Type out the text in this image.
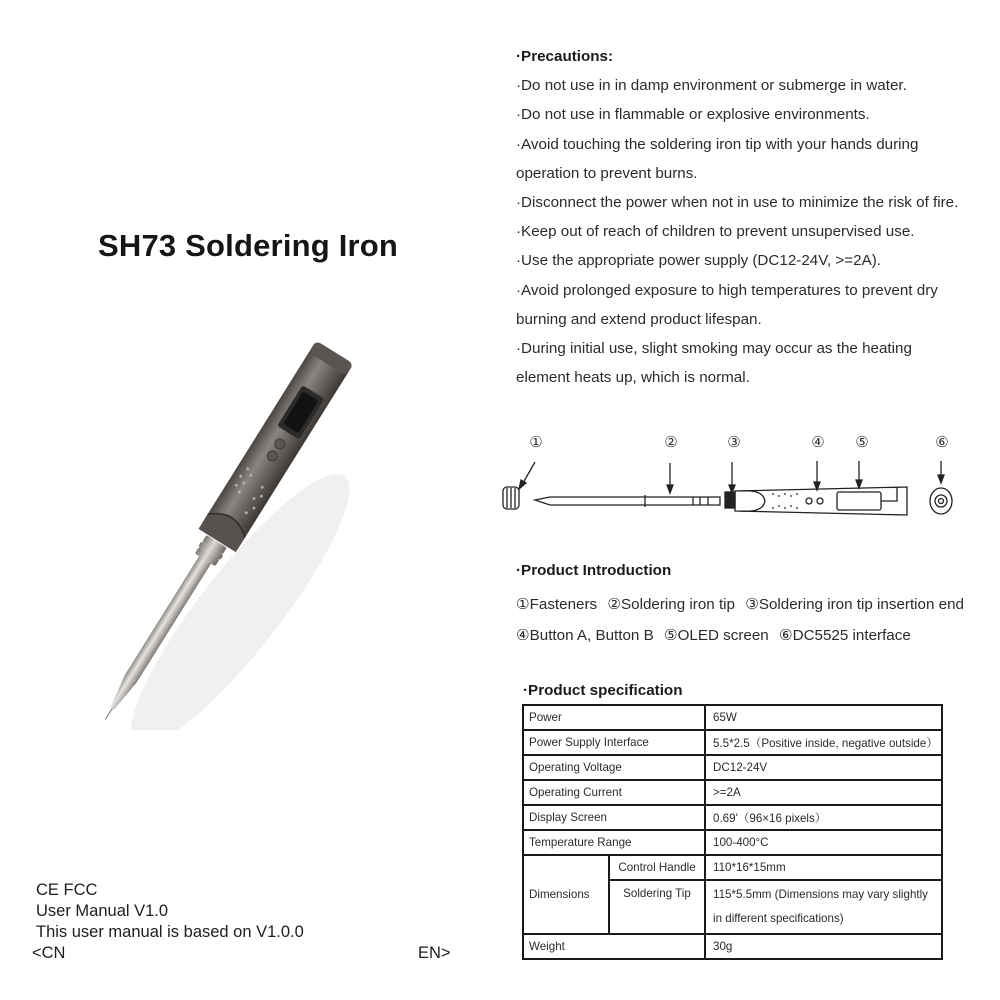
SH73 Soldering Iron
·Precautions:
·Do not use in in damp environment or submerge in water.
·Do not use in flammable or explosive environments.
·Avoid touching the soldering iron tip with your hands during operation to prevent burns.
·Disconnect the power when not in use to minimize the risk of fire.
·Keep out of reach of children to prevent unsupervised use.
·Use the appropriate power supply (DC12-24V, >=2A).
·Avoid prolonged exposure to high temperatures to prevent dry burning and extend product lifespan.
·During initial use, slight smoking may occur as the heating element heats up, which is normal.
①	②	③	④ ⑤	⑥
·Product Introduction
①Fasteners ②Soldering iron tip ③Soldering iron tip insertion end
④Button A, Button B ⑤OLED screen ⑥DC5525 interface
·Product specification
Power		65W
Power Supply Interface		5.5*2.5（Positive inside, negative outside）
Operating Voltage		DC12-24V
Operating Current		>=2A
Display Screen		0.69'（96×16 pixels）
Temperature Range		100-400°C
Dimensions	Control Handle	110*16*15mm
	Soldering Tip	115*5.5mm (Dimensions may vary slightly in different specifications)
Weight		30g
CE FCC
User Manual V1.0
This user manual is based on V1.0.0
<CN	EN>
